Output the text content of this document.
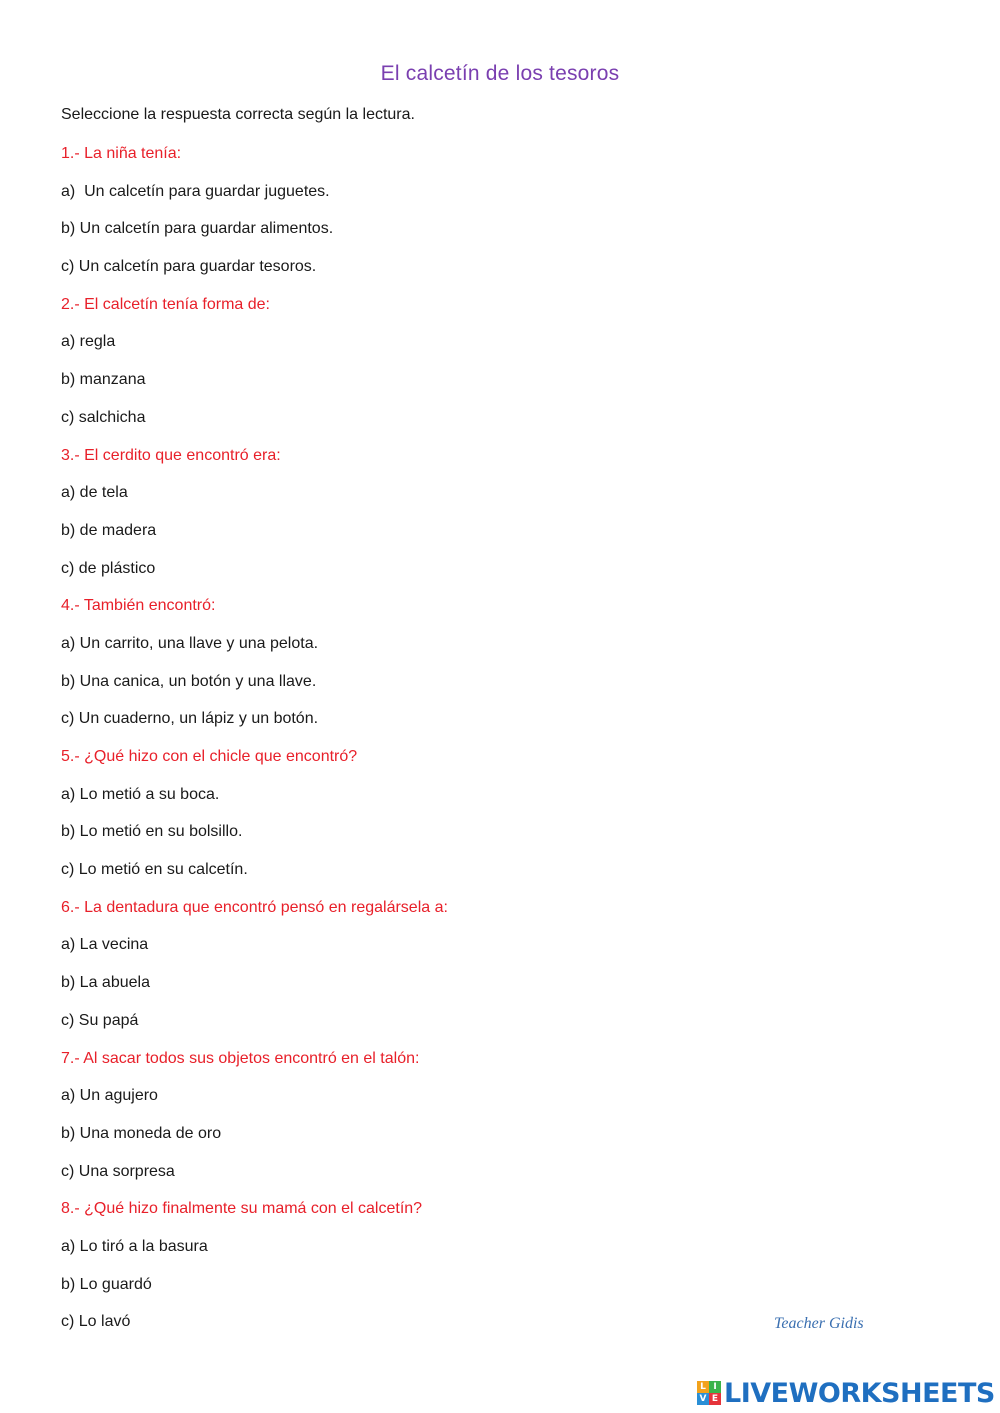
El calcetín de los tesoros
Seleccione la respuesta correcta según la lectura.
1.- La niña tenía:
a)  Un calcetín para guardar juguetes.
b) Un calcetín para guardar alimentos.
c) Un calcetín para guardar tesoros.
2.- El calcetín tenía forma de:
a) regla
b) manzana
c) salchicha
3.- El cerdito que encontró era:
a) de tela
b) de madera
c) de plástico
4.- También encontró:
a) Un carrito, una llave y una pelota.
b) Una canica, un botón y una llave.
c) Un cuaderno, un lápiz y un botón.
5.- ¿Qué hizo con el chicle que encontró?
a) Lo metió a su boca.
b) Lo metió en su bolsillo.
c) Lo metió en su calcetín.
6.- La dentadura que encontró pensó en regalársela a:
a) La vecina
b) La abuela
c) Su papá
7.- Al sacar todos sus objetos encontró en el talón:
a) Un agujero
b) Una moneda de oro
c) Una sorpresa
8.- ¿Qué hizo finalmente su mamá con el calcetín?
a) Lo tiró a la basura
b) Lo guardó
c) Lo lavó	Teacher Gidis
L I
V E LIVEWORKSHEETS
